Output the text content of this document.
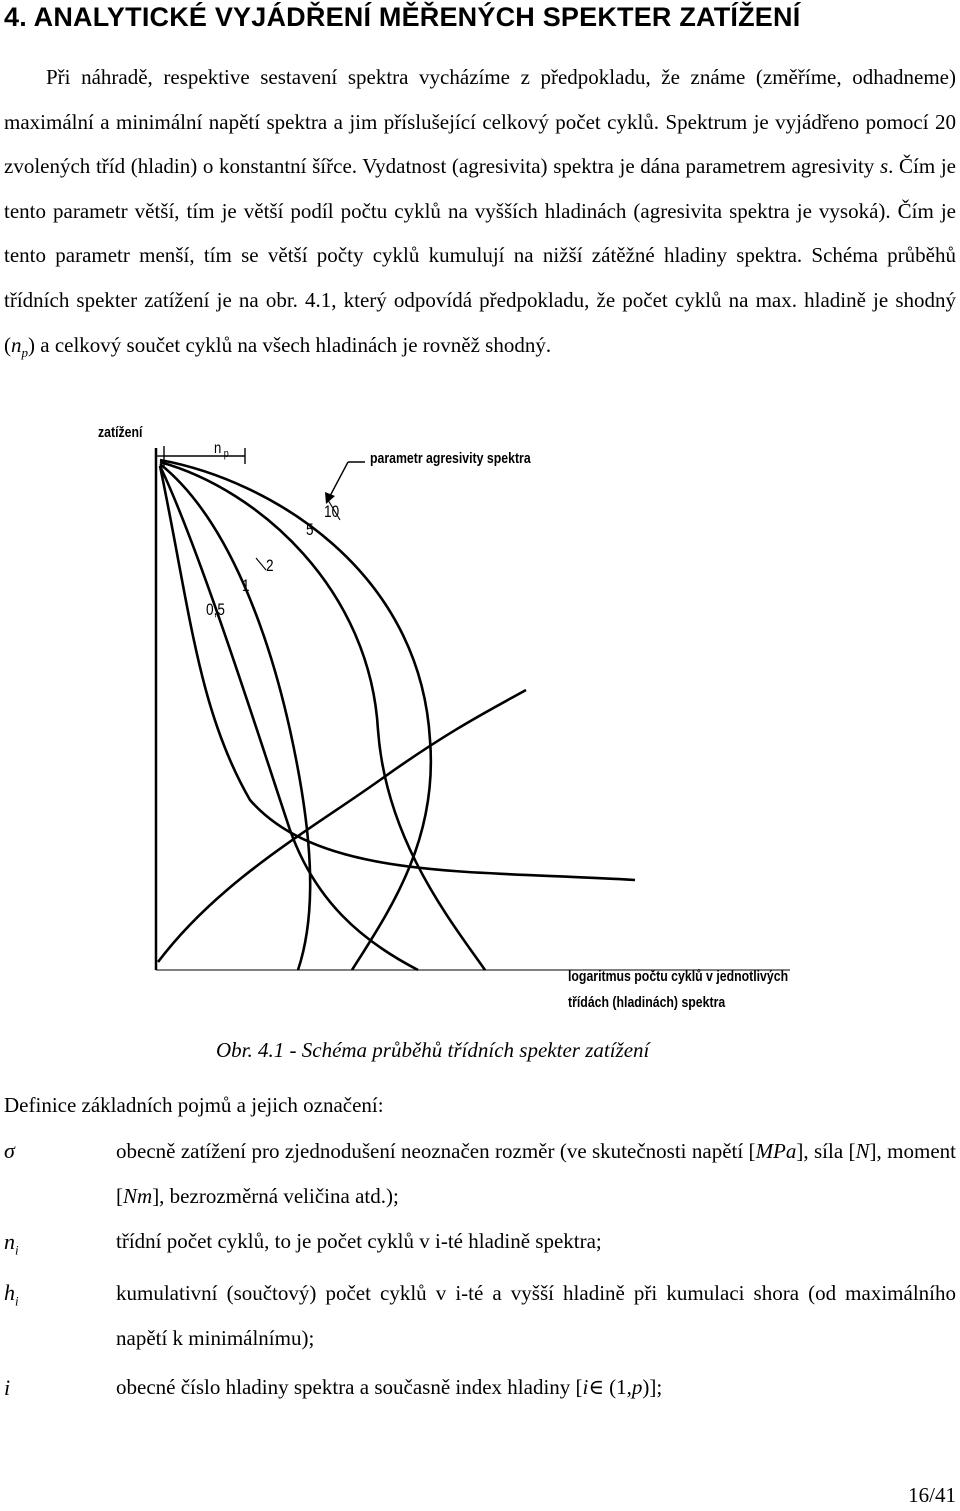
4. ANALYTICKÉ VYJÁDŘENÍ MĚŘENÝCH SPEKTER ZATÍŽENÍ

Při náhradě, respektive sestavení spektra vycházíme z předpokladu, že známe (změříme, odhadneme) maximální a minimální napětí spektra a jim příslušející celkový počet cyklů. Spektrum je vyjádřeno pomocí 20 zvolených tříd (hladin) o konstantní šířce. Vydatnost (agresivita) spektra je dána parametrem agresivity s. Čím je tento parametr větší, tím je větší podíl počtu cyklů na vyšších hladinách (agresivita spektra je vysoká). Čím je tento parametr menší, tím se větší počty cyklů kumulují na nižší zátěžné hladiny spektra. Schéma průběhů třídních spekter zatížení je na obr. 4.1, který odpovídá předpokladu, že počet cyklů na max. hladině je shodný $(n_p)$ a celkový součet cyklů na všech hladinách je rovněž shodný.

zatížení
n $_p$	parametr agresivity spektra
10
5
2
1
0,5
logaritmus počtu cyklů v jednotlivých
třídách (hladinách) spektra

Obr. 4.1 - Schéma průběhů třídních spekter zatížení

Definice základních pojmů a jejich označení:

σ	obecně zatížení pro zjednodušení neoznačen rozměr (ve skutečnosti napětí [MPa], síla [N], moment [Nm], bezrozměrná veličina atd.);

$n_i$	třídní počet cyklů, to je počet cyklů v i-té hladině spektra;

$h_i$	kumulativní (součtový) počet cyklů v i-té a vyšší hladině při kumulaci shora (od maximálního napětí k minimálnímu);

i	obecné číslo hladiny spektra a současně index hladiny [i∈ (1,p)];

16/41
